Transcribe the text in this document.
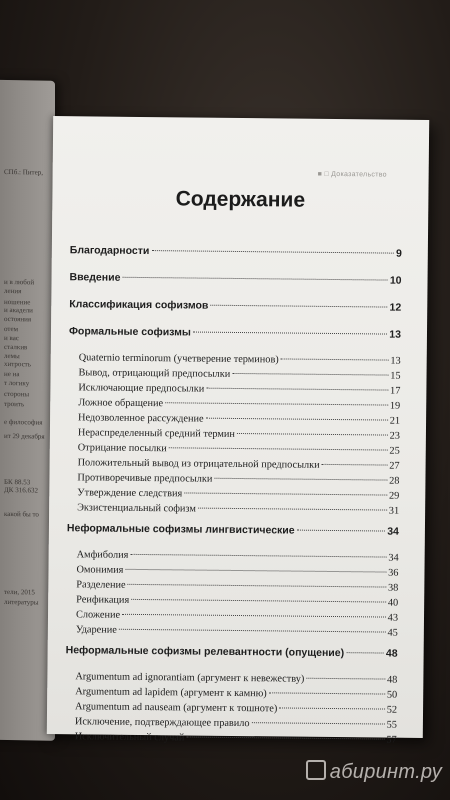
СПб.: Питер,
и в любой
ления
ношение
и акадели
остояния
отем
и вас
сталкив
лемы
хитрость
не на
т логику
стороны
троить
е философия
ит 29 декабря
БК 88.53
ДК 316.632
какой бы то
тели, 2015
литературы
■ □ Доказательство
Содержание
Благодарности	9
Введение	10
Классификация софизмов	12
Формальные софизмы	13
Quaternio terminorum (учетверение терминов)	13
Вывод, отрицающий предпосылки	15
Исключающие предпосылки	17
Ложное обращение	19
Недозволенное рассуждение	21
Нераспределенный средний термин	23
Отрицание посылки	25
Положительный вывод из отрицательной предпосылки	27
Противоречивые предпосылки	28
Утверждение следствия	29
Экзистенциальный софизм	31
Неформальные софизмы лингвистические	34
Амфиболия	34
Омонимия	36
Разделение	38
Реификация	40
Сложение	43
Ударение	45
Неформальные софизмы релевантности (опущение)	48
Argumentum ad ignorantiam (аргумент к невежеству)	48
Argumentum ad lapidem (аргумент к камню)	50
Argumentum ad nauseam (аргумент к тошноте)	52
Исключение, подтверждающее правило	55
Исключительный случай	57
абиринт.ру
